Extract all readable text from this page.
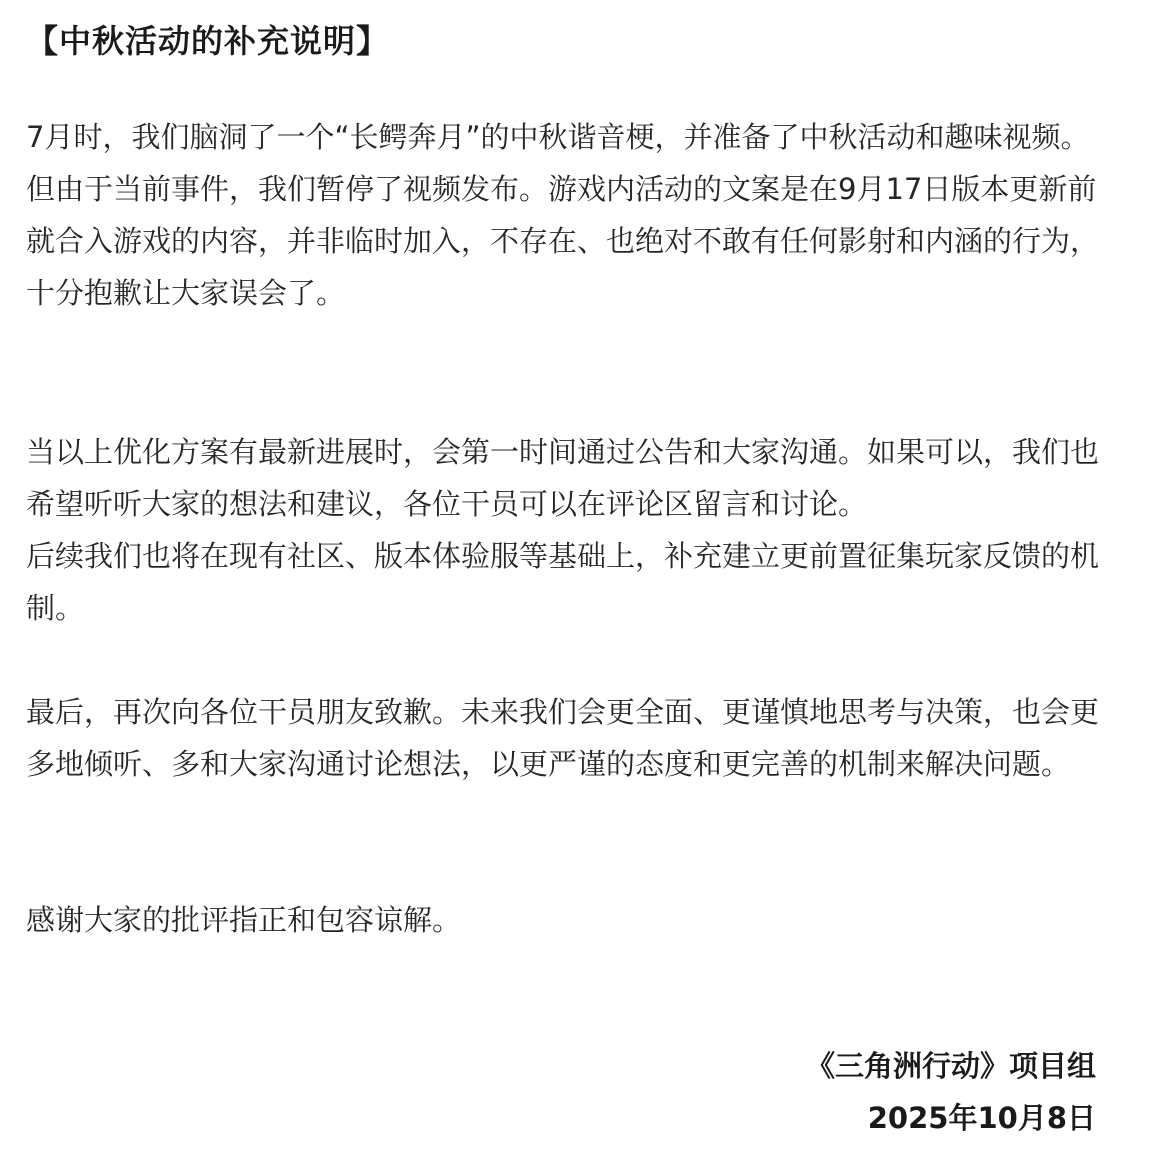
【中秋活动的补充说明】

7月时，我们脑洞了一个“长鳄奔月”的中秋谐音梗，并准备了中秋活动和趣味视频。但由于当前事件，我们暂停了视频发布。游戏内活动的文案是在9月17日版本更新前就合入游戏的内容，并非临时加入，不存在、也绝对不敢有任何影射和内涵的行为，十分抱歉让大家误会了。

当以上优化方案有最新进展时，会第一时间通过公告和大家沟通。如果可以，我们也希望听听大家的想法和建议，各位干员可以在评论区留言和讨论。

后续我们也将在现有社区、版本体验服等基础上，补充建立更前置征集玩家反馈的机制。

最后，再次向各位干员朋友致歉。未来我们会更全面、更谨慎地思考与决策，也会更多地倾听、多和大家沟通讨论想法，以更严谨的态度和更完善的机制来解决问题。

感谢大家的批评指正和包容谅解。

《三角洲行动》项目组

2025年10月8日
